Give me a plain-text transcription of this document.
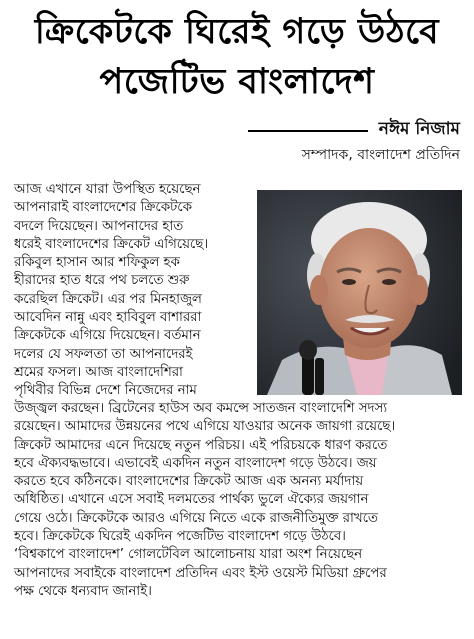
ক্রিকেটকে ঘিরেই গড়ে উঠবে
পজেটিভ বাংলাদেশ
নঈম নিজাম
সম্পাদক, বাংলাদেশ প্রতিদিন
আজ এখানে যারা উপস্থিত হয়েছেন
আপনারাই বাংলাদেশের ক্রিকেটকে
বদলে দিয়েছেন। আপনাদের হাত
ধরেই বাংলাদেশের ক্রিকেট এগিয়েছে।
রকিবুল হাসান আর শফিকুল হক
হীরাদের হাত ধরে পথ চলতে শুরু
করেছিল ক্রিকেট। এর পর মিনহাজুল
আবেদিন নান্নু এবং হাবিবুল বাশাররা
ক্রিকেটকে এগিয়ে দিয়েছেন। বর্তমান
দলের যে সফলতা তা আপনাদেরই
শ্রমের ফসল। আজ বাংলাদেশিরা
পৃথিবীর বিভিন্ন দেশে নিজেদের নাম
উজ্জ্বল করছেন। ব্রিটেনের হাউস অব কমন্সে সাতজন বাংলাদেশি সদস্য
রয়েছেন। আমাদের উন্নয়নের পথে এগিয়ে যাওয়ার অনেক জায়গা রয়েছে।
ক্রিকেট আমাদের এনে দিয়েছে নতুন পরিচয়। এই পরিচয়কে ধারণ করতে
হবে ঐক্যবদ্ধভাবে। এভাবেই একদিন নতুন বাংলাদেশ গড়ে উঠবে। জয়
করতে হবে কঠিনকে। বাংলাদেশের ক্রিকেট আজ এক অনন্য মর্যাদায়
অধিষ্ঠিত। এখানে এসে সবাই দলমতের পার্থক্য ভুলে ঐক্যের জয়গান
গেয়ে ওঠে। ক্রিকেটকে আরও এগিয়ে নিতে একে রাজনীতিমুক্ত রাখতে
হবে। ক্রিকেটকে ঘিরেই একদিন পজেটিভ বাংলাদেশ গড়ে উঠবে।
‘বিশ্বকাপে বাংলাদেশ’ গোলটেবিল আলোচনায় যারা অংশ নিয়েছেন
আপনাদের সবাইকে বাংলাদেশ প্রতিদিন এবং ইস্ট ওয়েস্ট মিডিয়া গ্রুপের
পক্ষ থেকে ধন্যবাদ জানাই।
